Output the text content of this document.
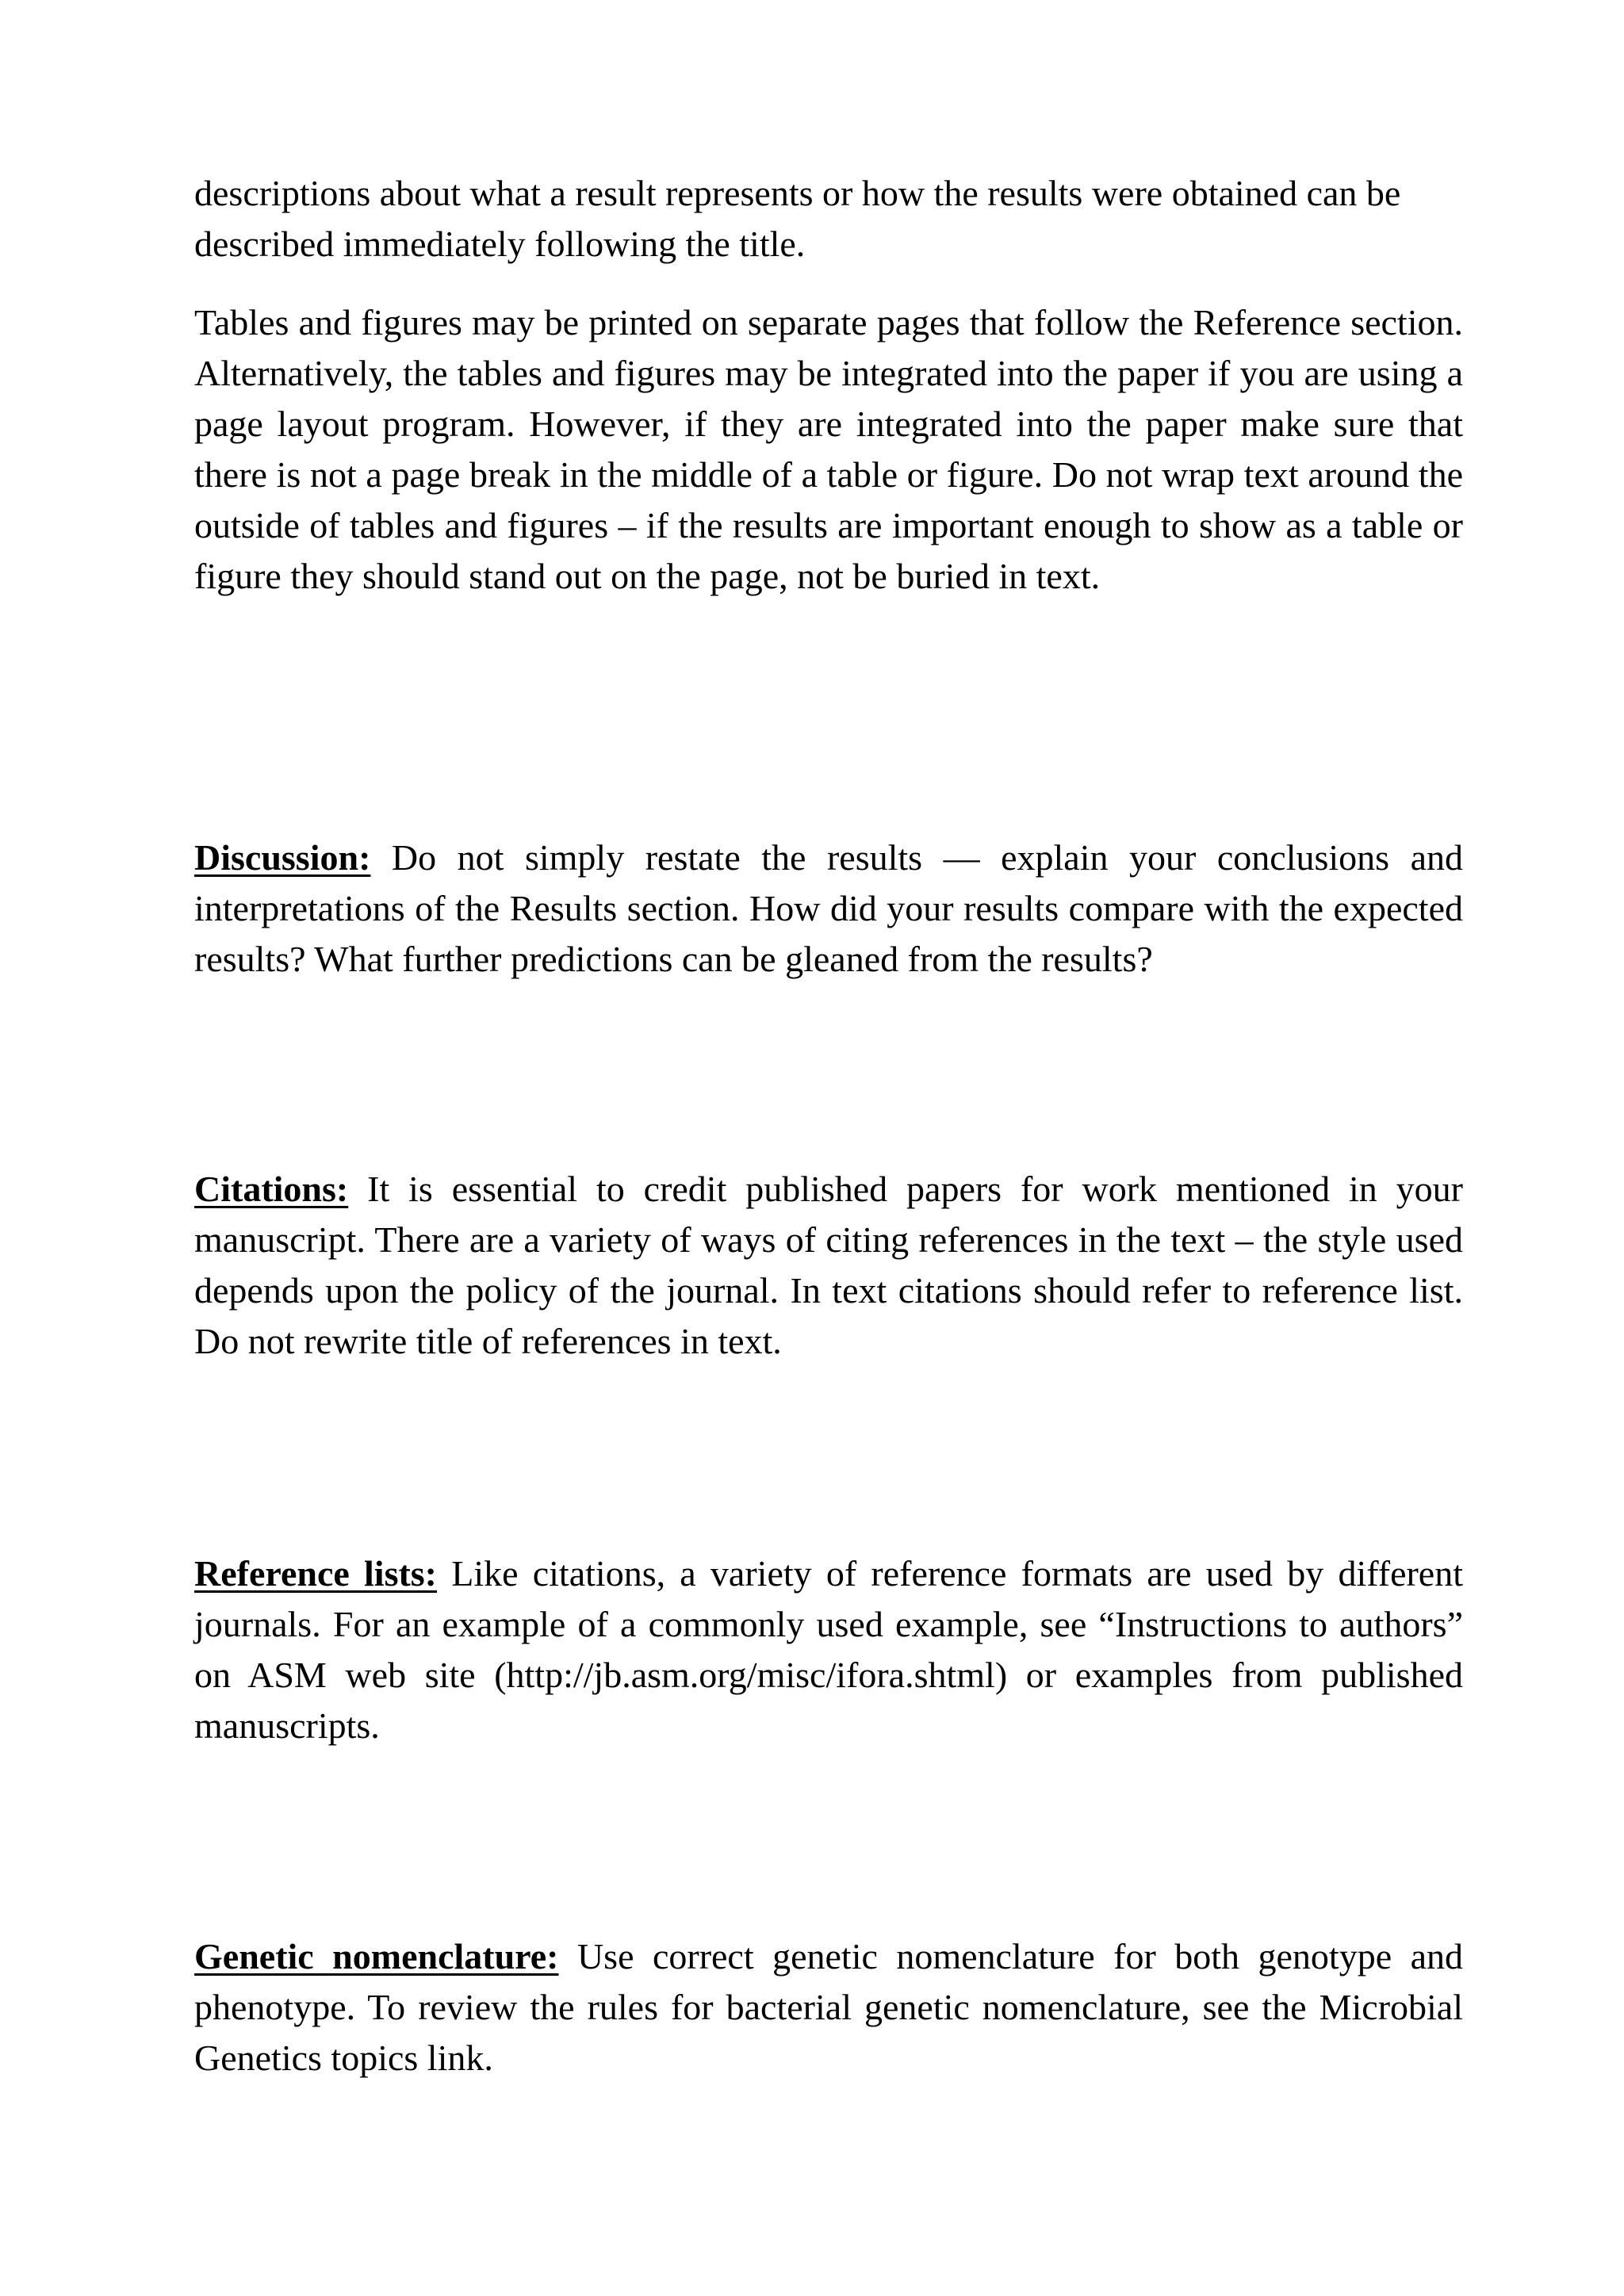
descriptions about what a result represents or how the results were obtained can be described immediately following the title.

Tables and figures may be printed on separate pages that follow the Reference section. Alternatively, the tables and figures may be integrated into the paper if you are using a page layout program. However, if they are integrated into the paper make sure that there is not a page break in the middle of a table or figure. Do not wrap text around the outside of tables and figures – if the results are important enough to show as a table or figure they should stand out on the page, not be buried in text.

Discussion: Do not simply restate the results — explain your conclusions and interpretations of the Results section. How did your results compare with the expected results? What further predictions can be gleaned from the results?

Citations: It is essential to credit published papers for work mentioned in your manuscript. There are a variety of ways of citing references in the text – the style used depends upon the policy of the journal. In text citations should refer to reference list. Do not rewrite title of references in text.

Reference lists: Like citations, a variety of reference formats are used by different journals. For an example of a commonly used example, see “Instructions to authors” on ASM web site (http://jb.asm.org/misc/ifora.shtml) or examples from published manuscripts.

Genetic nomenclature: Use correct genetic nomenclature for both genotype and phenotype. To review the rules for bacterial genetic nomenclature, see the Microbial Genetics topics link.
